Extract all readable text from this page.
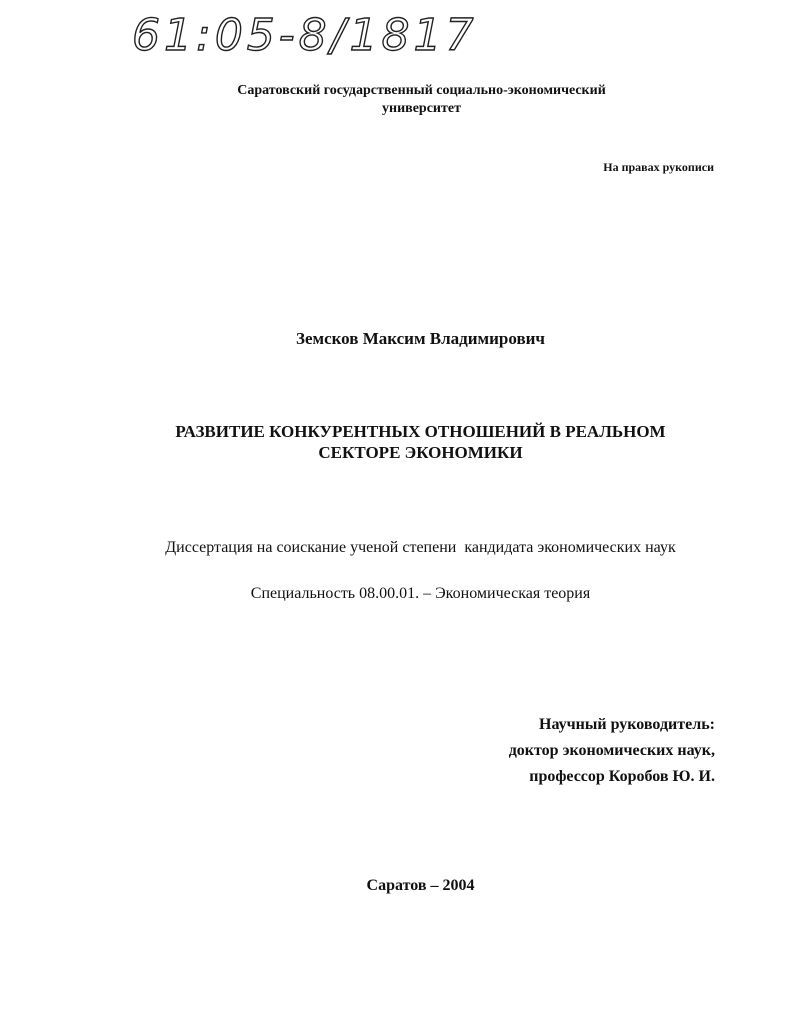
61:05-8/1817
Саратовский государственный социально-экономический
университет
На правах рукописи
Земсков Максим Владимирович
РАЗВИТИЕ КОНКУРЕНТНЫХ ОТНОШЕНИЙ В РЕАЛЬНОМ
СЕКТОРЕ ЭКОНОМИКИ
Диссертация на соискание ученой степени  кандидата экономических наук
Специальность 08.00.01. – Экономическая теория
Научный руководитель:
доктор экономических наук,
профессор Коробов Ю. И.
Саратов – 2004
